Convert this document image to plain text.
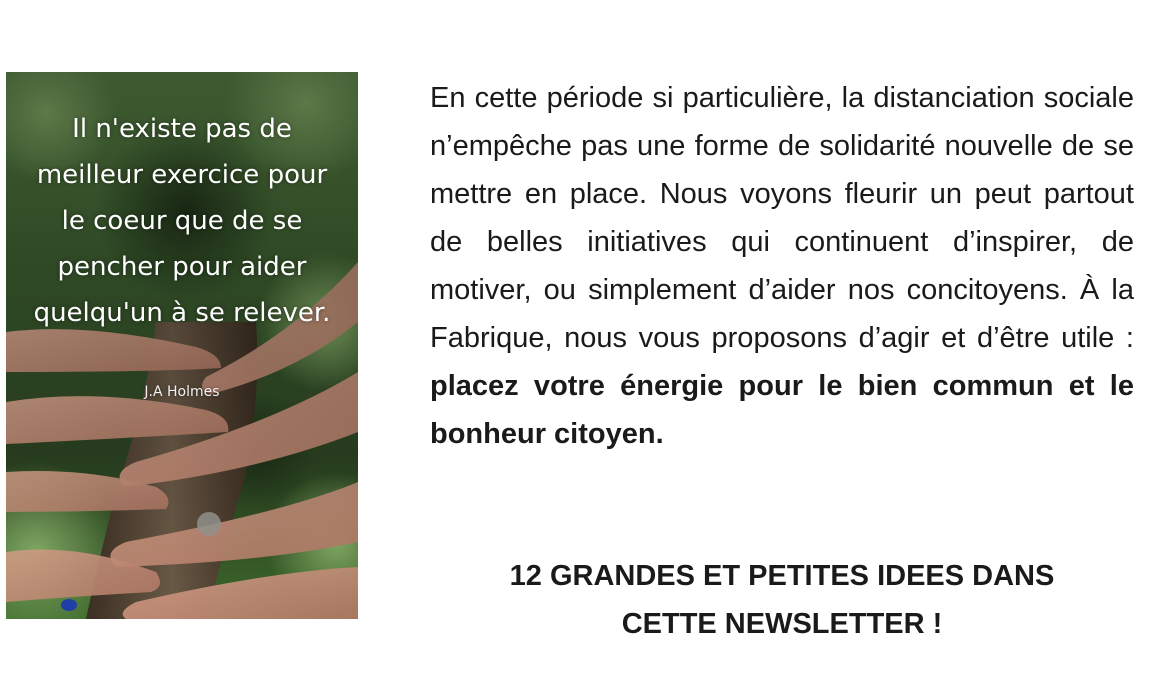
Il n'existe pas de meilleur exercice pour le coeur que de se pencher pour aider quelqu'un à se relever.
J.A Holmes

En cette période si particulière, la distanciation sociale n’empêche pas une forme de solidarité nouvelle de se mettre en place. Nous voyons fleurir un peut partout de belles initiatives qui continuent d’inspirer, de motiver, ou simplement d’aider nos concitoyens. À la Fabrique, nous vous proposons d’agir et d’être utile : placez votre énergie pour le bien commun et le bonheur citoyen.

12 GRANDES ET PETITES IDEES DANS
CETTE NEWSLETTER !
